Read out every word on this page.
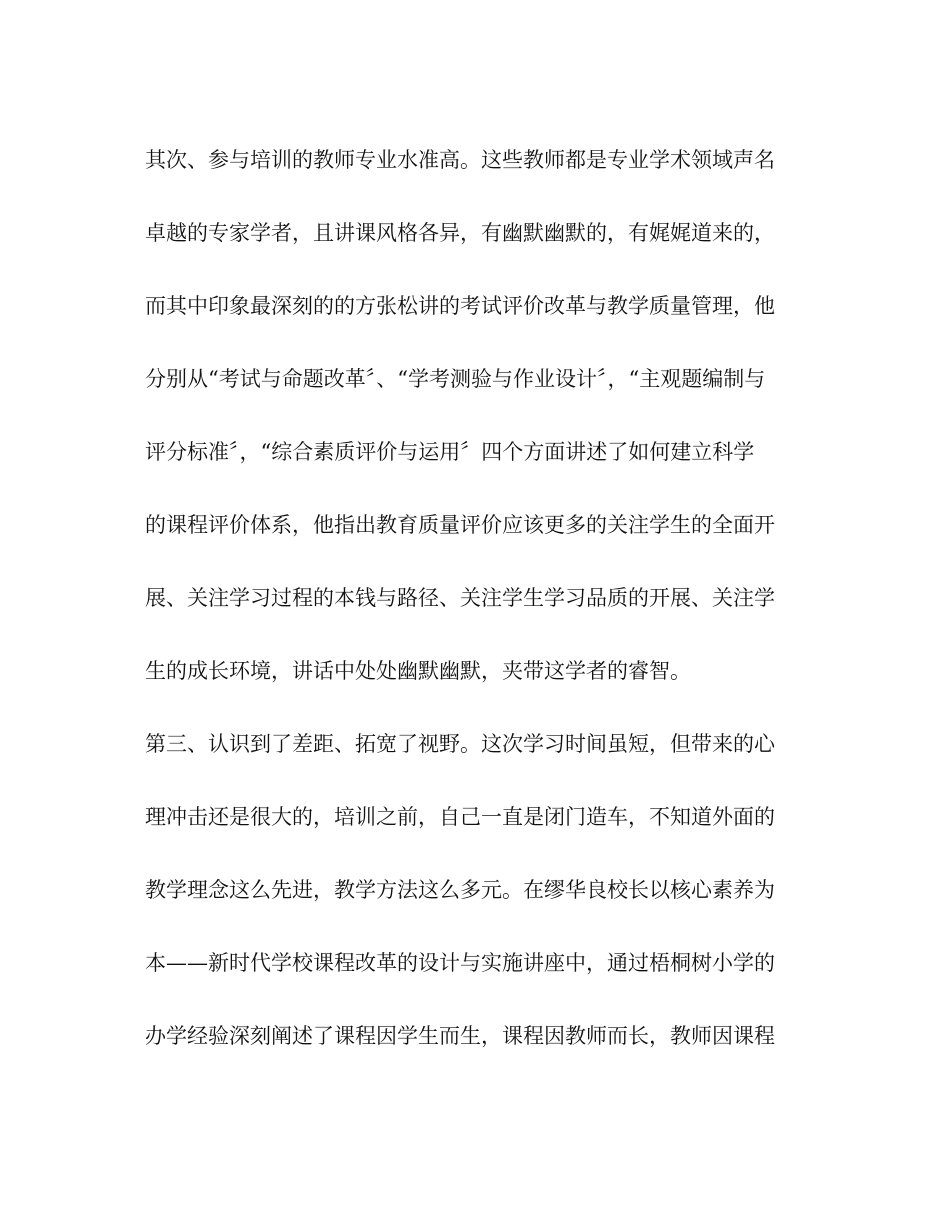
其次、参与培训的教师专业水准高。这些教师都是专业学术领域声名

卓越的专家学者，且讲课风格各异，有幽默幽默的，有娓娓道来的，

而其中印象最深刻的的方张松讲的考试评价改革与教学质量管理，他

分别从“考试与命题改革〞、“学考测验与作业设计〞，“主观题编制与

评分标准〞，“综合素质评价与运用〞四个方面讲述了如何建立科学

的课程评价体系，他指出教育质量评价应该更多的关注学生的全面开

展、关注学习过程的本钱与路径、关注学生学习品质的开展、关注学

生的成长环境，讲话中处处幽默幽默，夹带这学者的睿智。

第三、认识到了差距、拓宽了视野。这次学习时间虽短，但带来的心

理冲击还是很大的，培训之前，自己一直是闭门造车，不知道外面的

教学理念这么先进，教学方法这么多元。在缪华良校长以核心素养为

本——新时代学校课程改革的设计与实施讲座中，通过梧桐树小学的

办学经验深刻阐述了课程因学生而生，课程因教师而长，教师因课程
